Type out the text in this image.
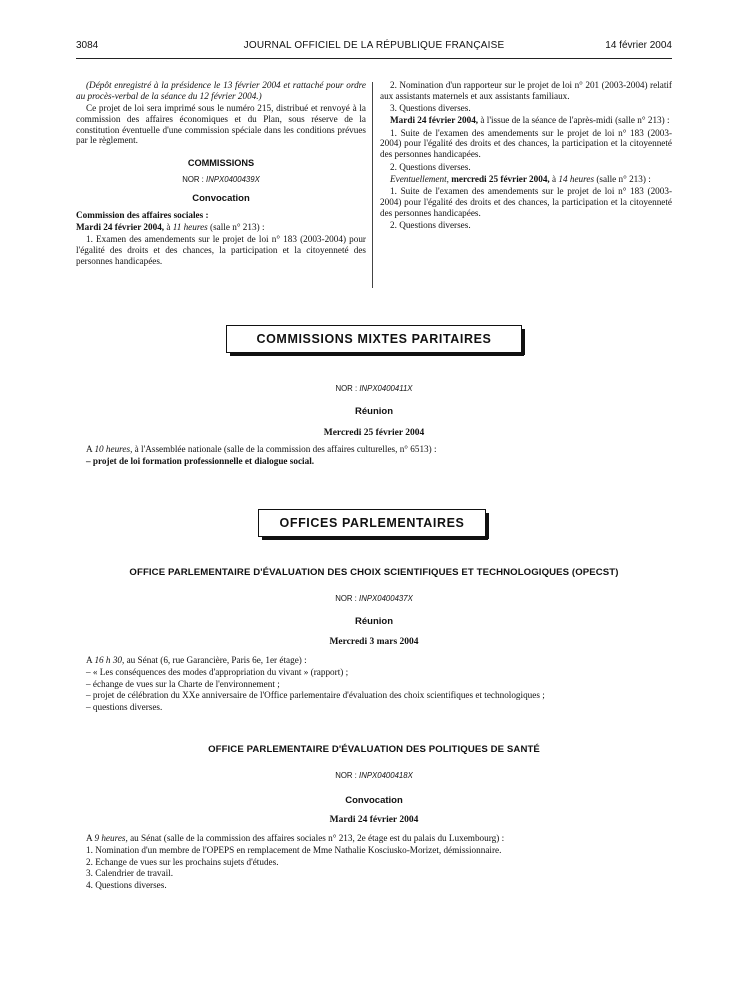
3084	JOURNAL OFFICIEL DE LA RÉPUBLIQUE FRANÇAISE	14 février 2004

(Dépôt enregistré à la présidence le 13 février 2004 et rattaché pour ordre au procès-verbal de la séance du 12 février 2004.)

Ce projet de loi sera imprimé sous le numéro 215, distribué et renvoyé à la commission des affaires économiques et du Plan, sous réserve de la constitution éventuelle d'une commission spéciale dans les conditions prévues par le règlement.

COMMISSIONS
NOR : INPX0400439X
Convocation

Commission des affaires sociales :

Mardi 24 février 2004, à 11 heures (salle n° 213) :

1. Examen des amendements sur le projet de loi n° 183 (2003-2004) pour l'égalité des droits et des chances, la participation et la citoyenneté des personnes handicapées.

2. Nomination d'un rapporteur sur le projet de loi n° 201 (2003-2004) relatif aux assistants maternels et aux assistants familiaux.

3. Questions diverses.

Mardi 24 février 2004, à l'issue de la séance de l'après-midi (salle n° 213) :

1. Suite de l'examen des amendements sur le projet de loi n° 183 (2003-2004) pour l'égalité des droits et des chances, la participation et la citoyenneté des personnes handicapées.

2. Questions diverses.

Eventuellement, mercredi 25 février 2004, à 14 heures (salle n° 213) :

1. Suite de l'examen des amendements sur le projet de loi n° 183 (2003-2004) pour l'égalité des droits et des chances, la participation et la citoyenneté des personnes handicapées.

2. Questions diverses.

COMMISSIONS MIXTES PARITAIRES
NOR : INPX0400411X
Réunion
Mercredi 25 février 2004

A 10 heures, à l'Assemblée nationale (salle de la commission des affaires culturelles, n° 6513) :

– projet de loi formation professionnelle et dialogue social.

OFFICES PARLEMENTAIRES
OFFICE PARLEMENTAIRE D'ÉVALUATION DES CHOIX SCIENTIFIQUES ET TECHNOLOGIQUES (OPECST)
NOR : INPX0400437X
Réunion
Mercredi 3 mars 2004

A 16 h 30, au Sénat (6, rue Garancière, Paris 6e, 1er étage) :

– « Les conséquences des modes d'appropriation du vivant » (rapport) ;

– échange de vues sur la Charte de l'environnement ;

– projet de célébration du XXe anniversaire de l'Office parlementaire d'évaluation des choix scientifiques et technologiques ;

– questions diverses.

OFFICE PARLEMENTAIRE D'ÉVALUATION DES POLITIQUES DE SANTÉ
NOR : INPX0400418X
Convocation
Mardi 24 février 2004

A 9 heures, au Sénat (salle de la commission des affaires sociales n° 213, 2e étage est du palais du Luxembourg) :

1. Nomination d'un membre de l'OPEPS en remplacement de Mme Nathalie Kosciusko-Morizet, démissionnaire.

2. Echange de vues sur les prochains sujets d'études.

3. Calendrier de travail.

4. Questions diverses.
